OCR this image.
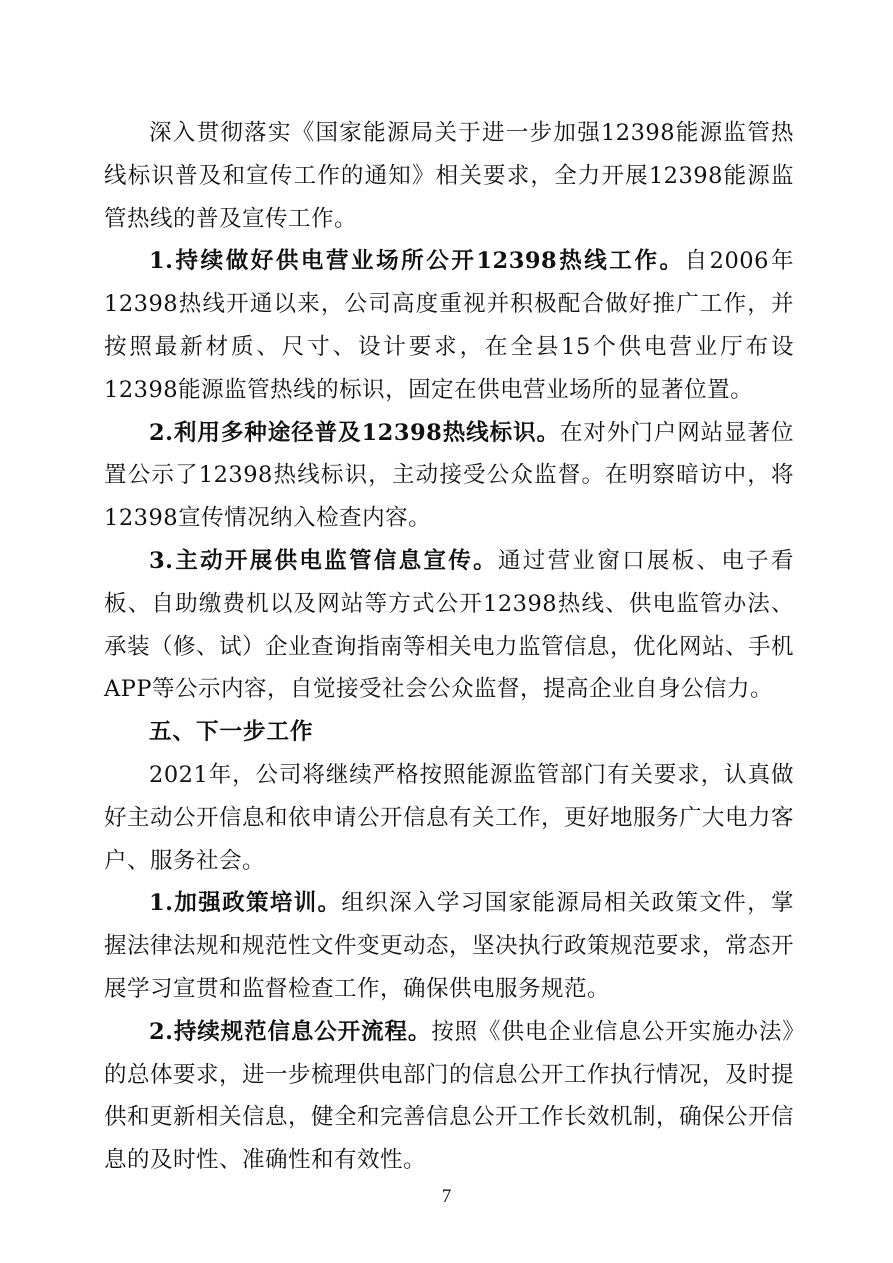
深入贯彻落实《国家能源局关于进一步加强12398能源监管热线标识普及和宣传工作的通知》相关要求，全力开展12398能源监管热线的普及宣传工作。

1.持续做好供电营业场所公开12398热线工作。自2006年12398热线开通以来，公司高度重视并积极配合做好推广工作，并按照最新材质、尺寸、设计要求，在全县15个供电营业厅布设12398能源监管热线的标识，固定在供电营业场所的显著位置。

2.利用多种途径普及12398热线标识。在对外门户网站显著位置公示了12398热线标识，主动接受公众监督。在明察暗访中，将12398宣传情况纳入检查内容。

3.主动开展供电监管信息宣传。通过营业窗口展板、电子看板、自助缴费机以及网站等方式公开12398热线、供电监管办法、承装（修、试）企业查询指南等相关电力监管信息，优化网站、手机APP等公示内容，自觉接受社会公众监督，提高企业自身公信力。

五、下一步工作

2021年，公司将继续严格按照能源监管部门有关要求，认真做好主动公开信息和依申请公开信息有关工作，更好地服务广大电力客户、服务社会。

1.加强政策培训。组织深入学习国家能源局相关政策文件，掌握法律法规和规范性文件变更动态，坚决执行政策规范要求，常态开展学习宣贯和监督检查工作，确保供电服务规范。

2.持续规范信息公开流程。按照《供电企业信息公开实施办法》的总体要求，进一步梳理供电部门的信息公开工作执行情况，及时提供和更新相关信息，健全和完善信息公开工作长效机制，确保公开信息的及时性、准确性和有效性。

7
